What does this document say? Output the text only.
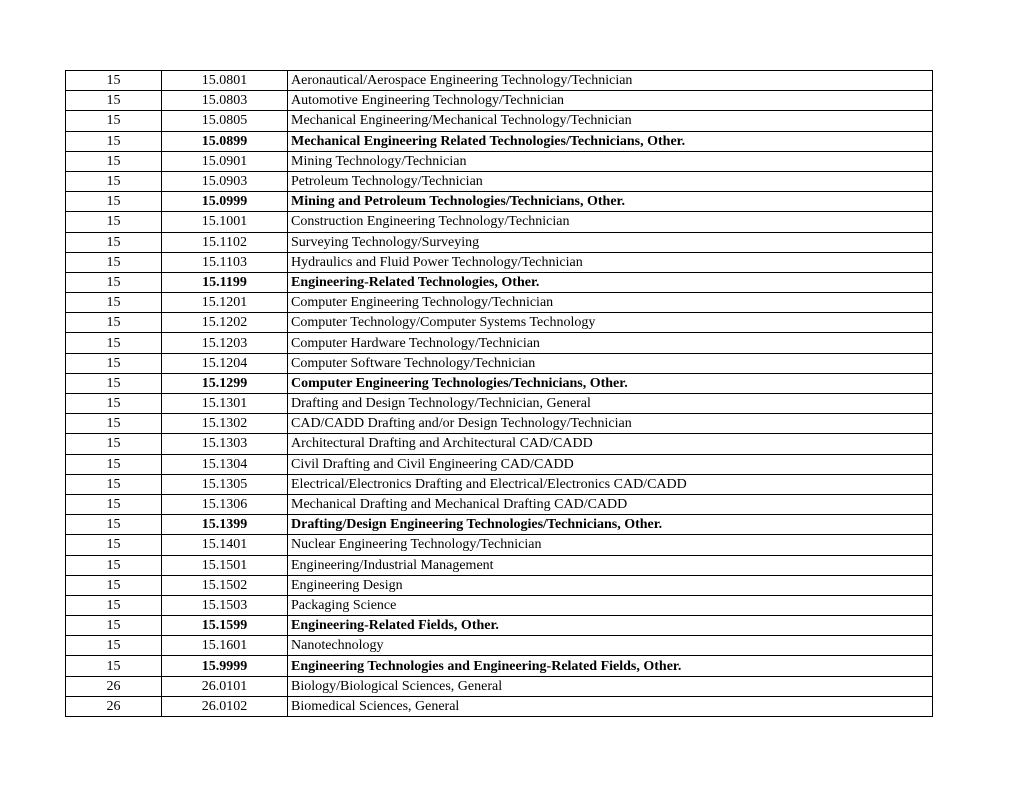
15	15.0801	Aeronautical/Aerospace Engineering Technology/Technician
15	15.0803	Automotive Engineering Technology/Technician
15	15.0805	Mechanical Engineering/Mechanical Technology/Technician
15	15.0899	Mechanical Engineering Related Technologies/Technicians, Other.
15	15.0901	Mining Technology/Technician
15	15.0903	Petroleum Technology/Technician
15	15.0999	Mining and Petroleum Technologies/Technicians, Other.
15	15.1001	Construction Engineering Technology/Technician
15	15.1102	Surveying Technology/Surveying
15	15.1103	Hydraulics and Fluid Power Technology/Technician
15	15.1199	Engineering-Related Technologies, Other.
15	15.1201	Computer Engineering Technology/Technician
15	15.1202	Computer Technology/Computer Systems Technology
15	15.1203	Computer Hardware Technology/Technician
15	15.1204	Computer Software Technology/Technician
15	15.1299	Computer Engineering Technologies/Technicians, Other.
15	15.1301	Drafting and Design Technology/Technician, General
15	15.1302	CAD/CADD Drafting and/or Design Technology/Technician
15	15.1303	Architectural Drafting and Architectural CAD/CADD
15	15.1304	Civil Drafting and Civil Engineering CAD/CADD
15	15.1305	Electrical/Electronics Drafting and Electrical/Electronics CAD/CADD
15	15.1306	Mechanical Drafting and Mechanical Drafting CAD/CADD
15	15.1399	Drafting/Design Engineering Technologies/Technicians, Other.
15	15.1401	Nuclear Engineering Technology/Technician
15	15.1501	Engineering/Industrial Management
15	15.1502	Engineering Design
15	15.1503	Packaging Science
15	15.1599	Engineering-Related Fields, Other.
15	15.1601	Nanotechnology
15	15.9999	Engineering Technologies and Engineering-Related Fields, Other.
26	26.0101	Biology/Biological Sciences, General
26	26.0102	Biomedical Sciences, General
